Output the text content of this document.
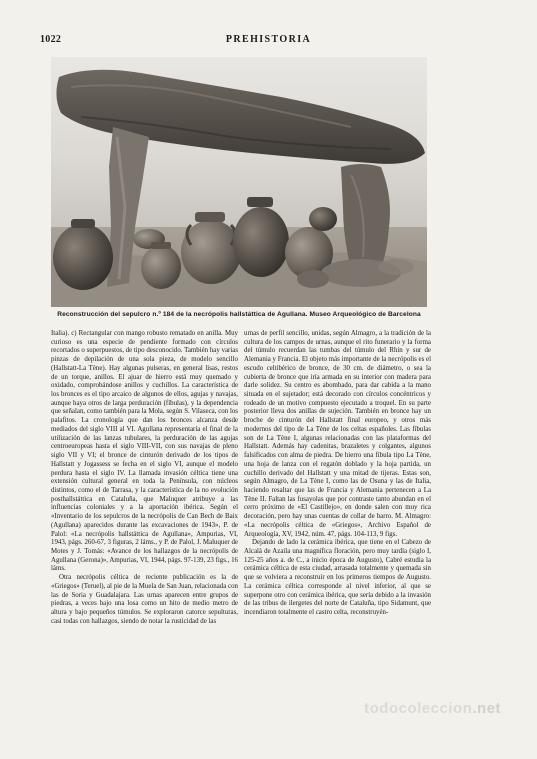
1022	PREHISTORIA
Reconstrucción del sepulcro n.º 184 de la necrópolis hallstáttica de Agullana. Museo Arqueológico de Barcelona

Italia). c) Rectangular con mango robusto rematado en anilla. Muy curioso es una especie de pendiente formado con círculos recortados o superpuestos, de tipo desconocido. También hay varias pinzas de depilación de una sola pieza, de modelo sencillo (Hallstatt-La Tène). Hay algunas pulseras, en general lisas, restos de un torque, anillos. El ajuar de hierro está muy quemado y oxidado, comprobándose anillos y cuchillos. La característica de los bronces es el tipo arcaico de algunos de ellos, agujas y navajas, aunque haya otros de larga perduración (fíbulas), y la dependencia que señalan, como también para la Mola, según S. Vilaseca, con los palafitos. La cronología que dan los bronces alcanza desde mediados del siglo VIII al VI. Agullana representaría el final de la utilización de las lanzas tubulares, la perduración de las agujas centroeuropeas hasta el siglo VIII-VII, con sus navajas de pleno siglo VII y VI; el bronce de cinturón derivado de los tipos de Hallstatt y Jogassess se fecha en el siglo VI, aunque el modelo perdura hasta el siglo IV. La llamada invasión céltica tiene una extensión cultural general en toda la Península, con núcleos distintos, como el de Tarrasa, y la característica de la no evolución posthallstáttica en Cataluña, que Maluquer atribuye a las influencias coloniales y a la aportación ibérica. Según el «Inventario de los sepulcros de la necrópolis de Can Bech de Baix (Agullana) aparecidos durante las excavaciones de 1943», P. de Palol: «La necrópolis hallstáttica de Agullana», Ampurias, VI, 1943, págs. 260-67, 3 figuras, 2 láms., y P. de Palol, J. Maluquer de Motes y J. Tomás: «Avance de los hallazgos de la necrópolis de Agullana (Gerona)», Ampurias, VI, 1944, págs. 97-139, 23 figs., 16 láms.

Otra necrópolis céltica de reciente publicación es la de «Griegos» (Teruel), al pie de la Muela de San Juan, relacionada con las de Soria y Guadalajara. Las urnas aparecen entre grupos de piedras, a veces bajo una losa como un hito de medio metro de altura y bajo pequeños túmulos. Se exploraron catorce sepulturas, casi todas con hallazgos, siendo de notar la rusticidad de las

urnas de perfil sencillo, unidas, según Almagro, a la tradición de la cultura de los campos de urnas, aunque el rito funerario y la forma del túmulo recuerdan las tumbas del túmulo del Rhin y sur de Alemania y Francia. El objeto más importante de la necrópolis es el escudo celtibérico de bronce, de 30 cm. de diámetro, o sea la cubierta de bronce que iría armada en su interior con madera para darle solidez. Su centro es abombado, para dar cabida a la mano situada en el sujetador; está decorado con círculos concéntricos y rodeado de un motivo compuesto ejecutado a troquel. En su parte posterior lleva dos anillas de sujeción. También en bronce hay un broche de cinturón del Hallstatt final europeo, y otros más modernos del tipo de La Tène de los celtas españoles. Las fíbulas son de La Tène I, algunas relacionadas con las plataformas del Hallstatt. Además hay cadenitas, brazaletes y colgantes, algunos falsificados con alma de piedra. De hierro una fíbula tipo La Tène, una hoja de lanza con el regatón doblado y la hoja partida, un cuchillo derivado del Hallstatt y una mitad de tijeras. Estas son, según Almagro, de La Tène I, como las de Osuna y las de Italia, haciendo resaltar que las de Francia y Alemania pertenecen a La Tène II. Faltan las fusayolas que por contraste tanto abundan en el cerro próximo de «El Castillejo», en donde salen con muy rica decoración, pero hay unas cuentas de collar de barro. M. Almagro: «La necrópolis céltica de «Griegos», Archivo Español de Arqueología, XV, 1942, núm. 47, págs. 104-113, 9 figs.

Dejando de lado la cerámica ibérica, que tiene en el Cabezo de Alcalá de Azaila una magnífica floración, pero muy tardía (siglo I, 125-25 años a. de C., a inicio época de Augusto), Cabré estudia la cerámica céltica de esta ciudad, arrasada totalmente y quemada sin que se volviera a reconstruir en los primeros tiempos de Augusto. La cerámica céltica corresponde al nivel inferior, al que se superpone otro con cerámica ibérica, que sería debido a la invasión de las tribus de ilergetes del norte de Cataluña, tipo Sidamunt, que incendiaron totalmente el castro celta, reconstruyén-

todocoleccion.net
